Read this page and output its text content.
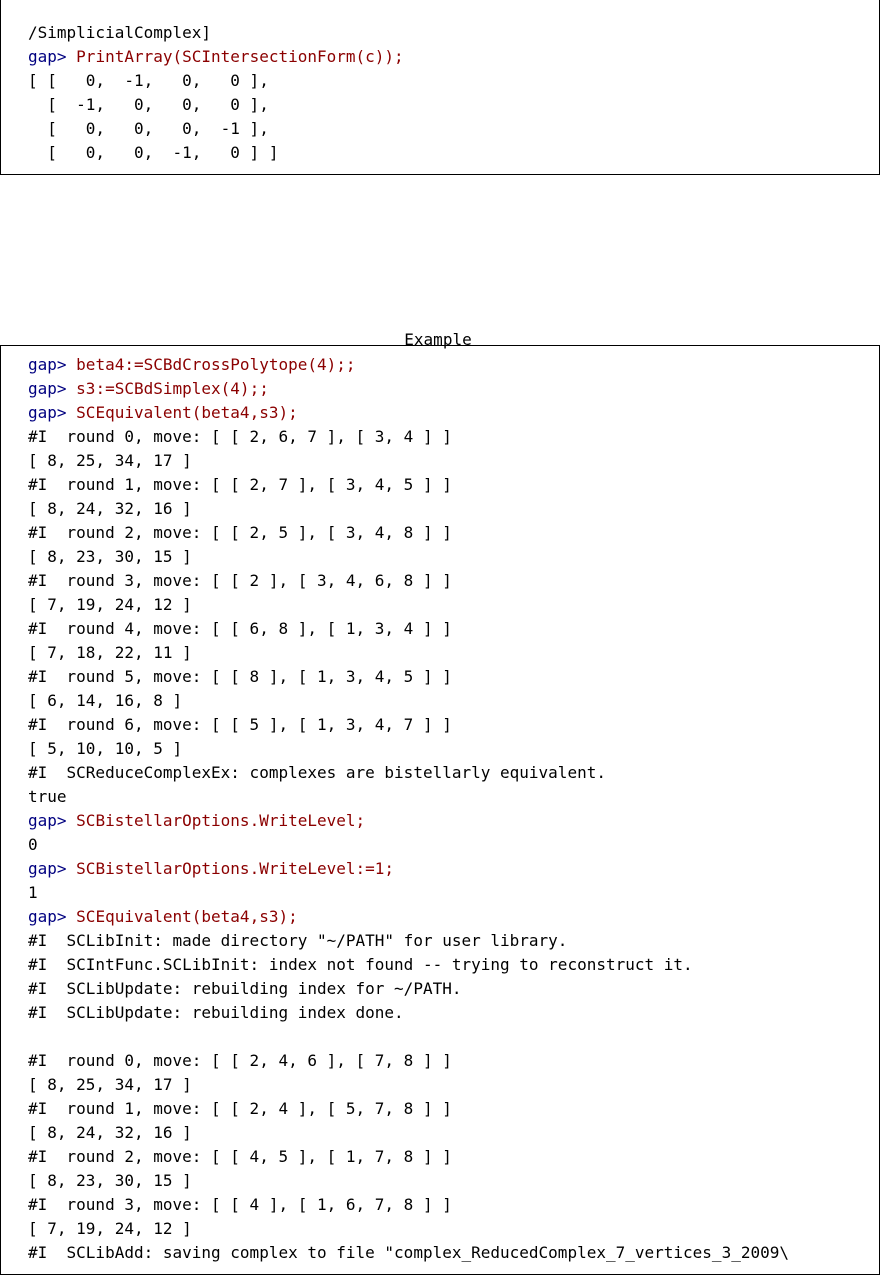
/SimplicialComplex]
gap> PrintArray(SCIntersectionForm(c));
[ [   0,  -1,   0,   0 ],
[  -1,   0,   0,   0 ],
[   0,   0,   0,  -1 ],
[   0,   0,  -1,   0 ] ]
Example
gap> beta4:=SCBdCrossPolytope(4);;
gap> s3:=SCBdSimplex(4);;
gap> SCEquivalent(beta4,s3);
#I  round 0, move: [ [ 2, 6, 7 ], [ 3, 4 ] ]
[ 8, 25, 34, 17 ]
#I  round 1, move: [ [ 2, 7 ], [ 3, 4, 5 ] ]
[ 8, 24, 32, 16 ]
#I  round 2, move: [ [ 2, 5 ], [ 3, 4, 8 ] ]
[ 8, 23, 30, 15 ]
#I  round 3, move: [ [ 2 ], [ 3, 4, 6, 8 ] ]
[ 7, 19, 24, 12 ]
#I  round 4, move: [ [ 6, 8 ], [ 1, 3, 4 ] ]
[ 7, 18, 22, 11 ]
#I  round 5, move: [ [ 8 ], [ 1, 3, 4, 5 ] ]
[ 6, 14, 16, 8 ]
#I  round 6, move: [ [ 5 ], [ 1, 3, 4, 7 ] ]
[ 5, 10, 10, 5 ]
#I  SCReduceComplexEx: complexes are bistellarly equivalent.
true
gap> SCBistellarOptions.WriteLevel;
0
gap> SCBistellarOptions.WriteLevel:=1;
1
gap> SCEquivalent(beta4,s3);
#I  SCLibInit: made directory "~/PATH" for user library.
#I  SCIntFunc.SCLibInit: index not found -- trying to reconstruct it.
#I  SCLibUpdate: rebuilding index for ~/PATH.
#I  SCLibUpdate: rebuilding index done.
#I  round 0, move: [ [ 2, 4, 6 ], [ 7, 8 ] ]
[ 8, 25, 34, 17 ]
#I  round 1, move: [ [ 2, 4 ], [ 5, 7, 8 ] ]
[ 8, 24, 32, 16 ]
#I  round 2, move: [ [ 4, 5 ], [ 1, 7, 8 ] ]
[ 8, 23, 30, 15 ]
#I  round 3, move: [ [ 4 ], [ 1, 6, 7, 8 ] ]
[ 7, 19, 24, 12 ]
#I  SCLibAdd: saving complex to file "complex_ReducedComplex_7_vertices_3_2009\
